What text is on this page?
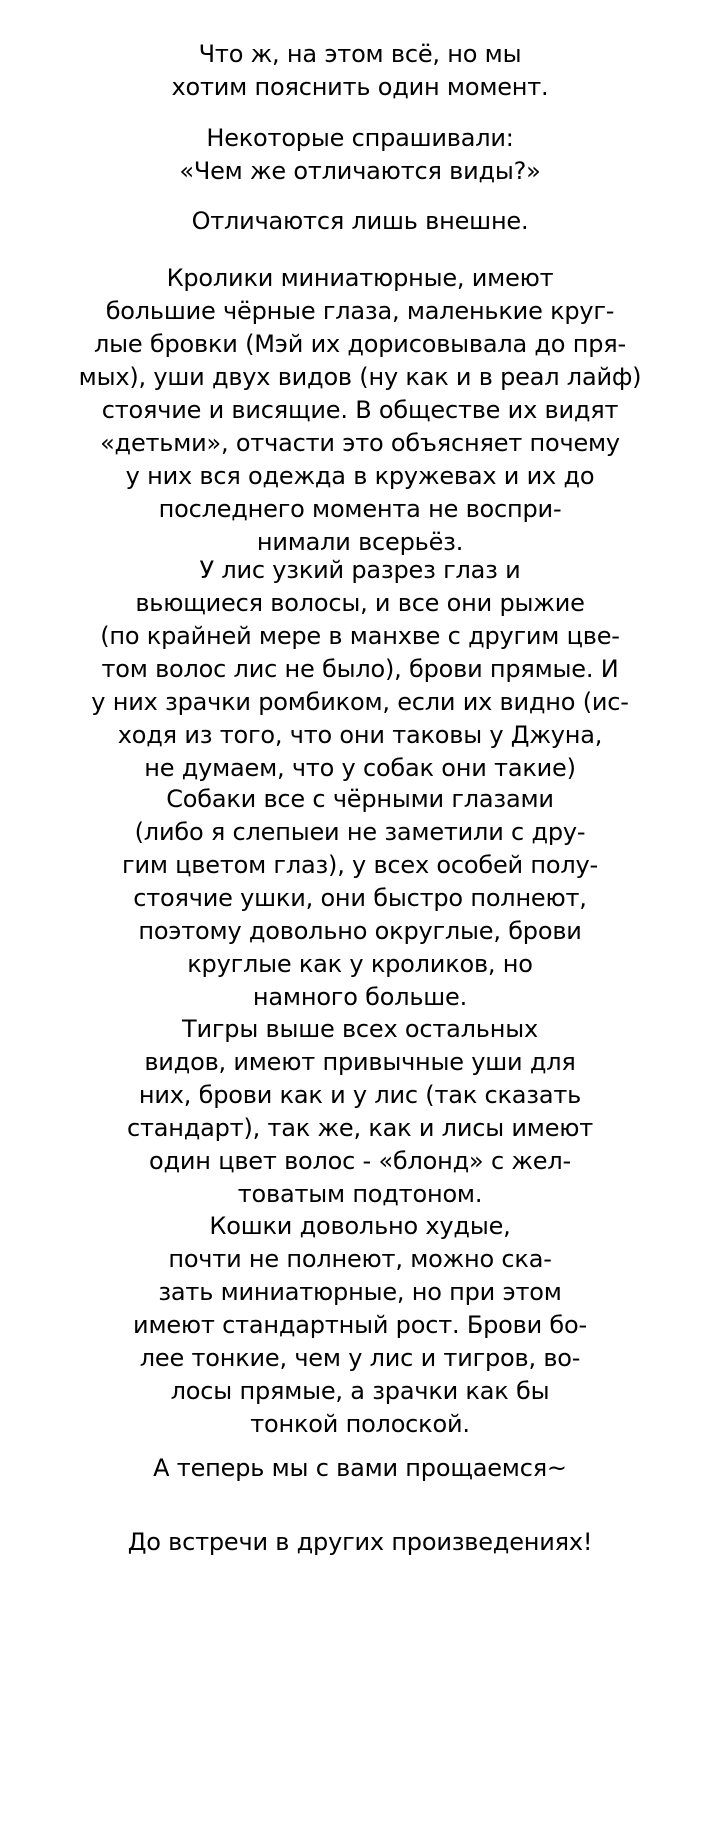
Что ж, на этом всё, но мы
хотим пояснить один момент.
Некоторые спрашивали:
«Чем же отличаются виды?»
Отличаются лишь внешне.
Кролики миниатюрные, имеют
большие чёрные глаза, маленькие круг-
лые бровки (Мэй их дорисовывала до пря-
мых), уши двух видов (ну как и в реал лайф)
стоячие и висящие. В обществе их видят
«детьми», отчасти это объясняет почему
у них вся одежда в кружевах и их до
последнего момента не воспри-
нимали всерьёз.
У лис узкий разрез глаз и
вьющиеся волосы, и все они рыжие
(по крайней мере в манхве с другим цве-
том волос лис не было), брови прямые. И
у них зрачки ромбиком, если их видно (ис-
ходя из того, что они таковы у Джуна,
не думаем, что у собак они такие)
Собаки все с чёрными глазами
(либо я слепыеи не заметили с дру-
гим цветом глаз), у всех особей полу-
стоячие ушки, они быстро полнеют,
поэтому довольно округлые, брови
круглые как у кроликов, но
намного больше.
Тигры выше всех остальных
видов, имеют привычные уши для
них, брови как и у лис (так сказать
стандарт), так же, как и лисы имеют
один цвет волос - «блонд» с жел-
товатым подтоном.
Кошки довольно худые,
почти не полнеют, можно ска-
зать миниатюрные, но при этом
имеют стандартный рост. Брови бо-
лее тонкие, чем у лис и тигров, во-
лосы прямые, а зрачки как бы
тонкой полоской.
А теперь мы с вами прощаемся~
До встречи в других произведениях!
